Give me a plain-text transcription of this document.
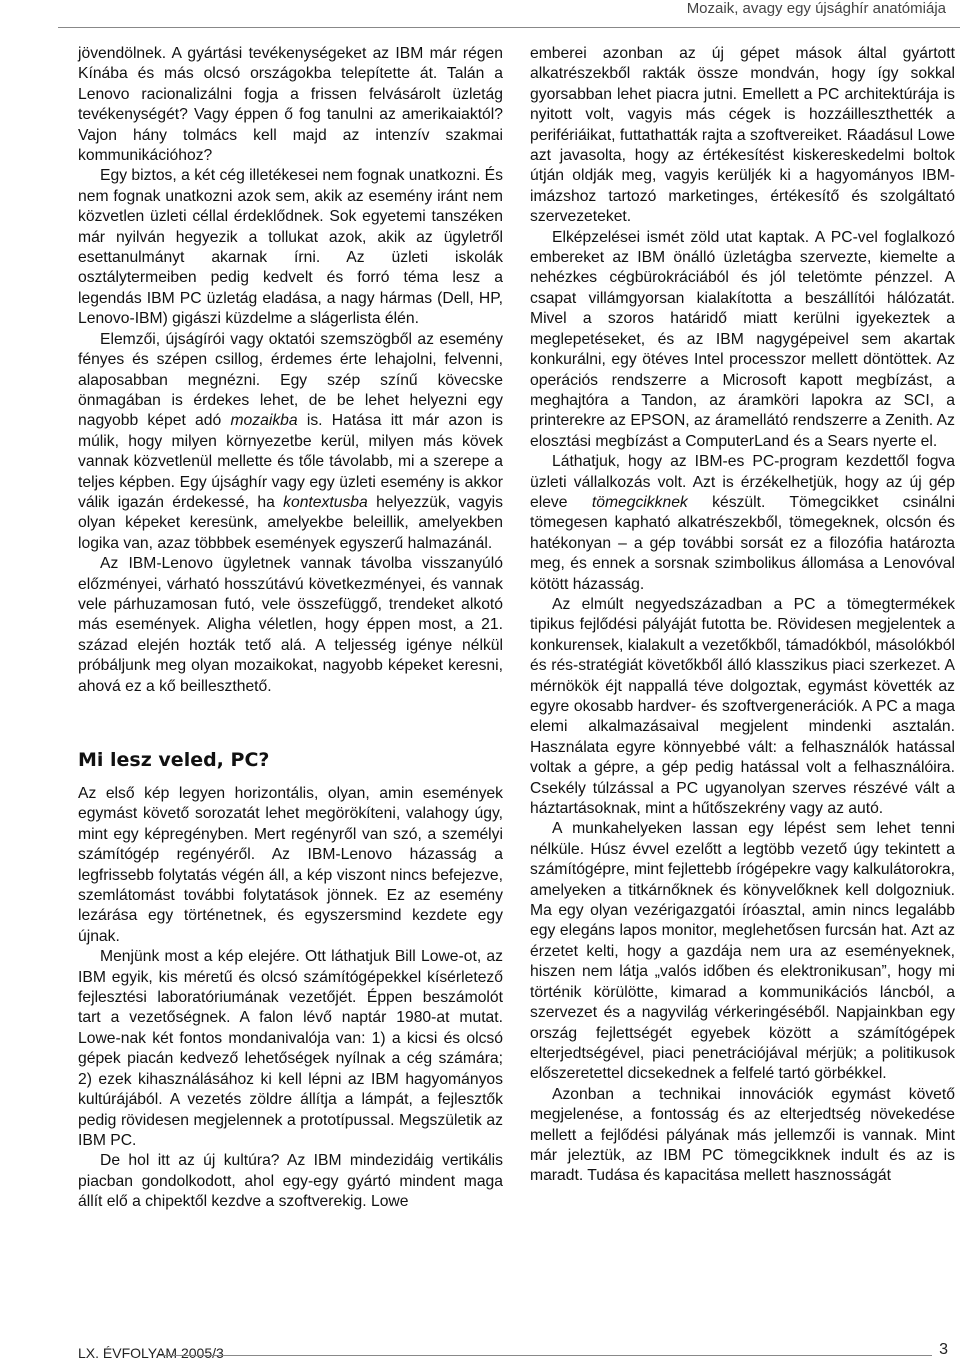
Mozaik, avagy egy újsághír anatómiája

jövendölnek. A gyártási tevékenységeket az IBM már régen Kínába és más olcsó országokba telepítette át. Talán a Lenovo racionalizálni fogja a frissen felvásárolt üzletág tevékenységét? Vagy éppen ő fog tanulni az amerikaiaktól? Vajon hány tolmács kell majd az intenzív szakmai kommunikációhoz?

Egy biztos, a két cég illetékesei nem fognak unatkozni. És nem fognak unatkozni azok sem, akik az esemény iránt nem közvetlen üzleti céllal érdeklődnek. Sok egyetemi tanszéken már nyilván hegyezik a tollukat azok, akik az ügyletről esettanulmányt akarnak írni. Az üzleti iskolák osztálytermeiben pedig kedvelt és forró téma lesz a legendás IBM PC üzletág eladása, a nagy hármas (Dell, HP, Lenovo-IBM) gigászi küzdelme a slágerlista élén.

Elemzői, újságírói vagy oktatói szemszögből az esemény fényes és szépen csillog, érdemes érte lehajolni, felvenni, alaposabban megnézni. Egy szép színű kövecske önmagában is érdekes lehet, de be lehet helyezni egy nagyobb képet adó mozaikba is. Hatása itt már azon is múlik, hogy milyen környezetbe kerül, milyen más kövek vannak közvetlenül mellette és tőle távolabb, mi a szerepe a teljes képben. Egy újsághír vagy egy üzleti esemény is akkor válik igazán érdekessé, ha kontextusba helyezzük, vagyis olyan képeket keresünk, amelyekbe beleillik, amelyekben logika van, azaz többbek események egyszerű halmazánál.

Az IBM-Lenovo ügyletnek vannak távolba visszanyúló előzményei, várható hosszútávú következményei, és vannak vele párhuzamosan futó, vele összefüggő, trendeket alkotó más események. Aligha véletlen, hogy éppen most, a 21. század elején hozták tető alá. A teljesség igénye nélkül próbáljunk meg olyan mozaikokat, nagyobb képeket keresni, ahová ez a kő beilleszthető.

Mi lesz veled, PC?

Az első kép legyen horizontális, olyan, amin események egymást követő sorozatát lehet megörökíteni, valahogy úgy, mint egy képregényben. Mert regényről van szó, a személyi számítógép regényéről. Az IBM-Lenovo házasság a legfrissebb folytatás végén áll, a kép viszont nincs befejezve, szemlátomást további folytatások jönnek. Ez az esemény lezárása egy történetnek, és egyszersmind kezdete egy újnak.

Menjünk most a kép elejére. Ott láthatjuk Bill Lowe-ot, az IBM egyik, kis méretű és olcsó számítógépekkel kísérletező fejlesztési laboratóriumának vezetőjét. Éppen beszámolót tart a vezetőségnek. A falon lévő naptár 1980-at mutat. Lowe-nak két fontos mondanivalója van: 1) a kicsi és olcsó gépek piacán kedvező lehetőségek nyílnak a cég számára; 2) ezek kihasználásához ki kell lépni az IBM hagyományos kultúrájából. A vezetés zöldre állítja a lámpát, a fejlesztők pedig rövidesen megjelennek a prototípussal. Megszületik az IBM PC.

De hol itt az új kultúra? Az IBM mindezidáig vertikális piacban gondolkodott, ahol egy-egy gyártó mindent maga állít elő a chipektől kezdve a szoftverekig. Lowe

emberei azonban az új gépet mások által gyártott alkatrészekből rakták össze mondván, hogy így sokkal gyorsabban lehet piacra jutni. Emellett a PC architektúrája is nyitott volt, vagyis más cégek is hozzáilleszthették a perifériáikat, futtathatták rajta a szoftvereiket. Ráadásul Lowe azt javasolta, hogy az értékesítést kiskereskedelmi boltok útján oldják meg, vagyis kerüljék ki a hagyományos IBM-imázshoz tartozó marketinges, értékesítő és szolgáltató szervezeteket.

Elképzelései ismét zöld utat kaptak. A PC-vel foglalkozó embereket az IBM önálló üzletágba szervezte, kiemelte a nehézkes cégbürokráciából és jól teletömte pénzzel. A csapat villámgyorsan kialakította a beszállítói hálózatát. Mivel a szoros határidő miatt kerülni igyekeztek a meglepetéseket, és az IBM nagygépeivel sem akartak konkurálni, egy ötéves Intel processzor mellett döntöttek. Az operációs rendszerre a Microsoft kapott megbízást, a meghajtóra a Tandon, az áramköri lapokra az SCI, a printerekre az EPSON, az áramellátó rendszerre a Zenith. Az elosztási megbízást a ComputerLand és a Sears nyerte el.

Láthatjuk, hogy az IBM-es PC-program kezdettől fogva üzleti vállalkozás volt. Azt is érzékelhetjük, hogy az új gép eleve tömegcikknek készült. Tömegcikket csinálni tömegesen kapható alkatrészekből, tömegeknek, olcsón és hatékonyan – a gép további sorsát ez a filozófia határozta meg, és ennek a sorsnak szimbolikus állomása a Lenovóval kötött házasság.

Az elmúlt negyedszázadban a PC a tömegtermékek tipikus fejlődési pályáját futotta be. Rövidesen megjelentek a konkurensek, kialakult a vezetőkből, támadókból, másolókból és rés-stratégiát követőkből álló klasszikus piaci szerkezet. A mérnökök éjt nappallá téve dolgoztak, egymást követték az egyre okosabb hardver- és szoftvergenerációk. A PC a maga elemi alkalmazásaival megjelent mindenki asztalán. Használata egyre könnyebbé vált: a felhasználók hatással voltak a gépre, a gép pedig hatással volt a felhasználóira. Csekély túlzással a PC ugyanolyan szerves részévé vált a háztartásoknak, mint a hűtőszekrény vagy az autó.

A munkahelyeken lassan egy lépést sem lehet tenni nélküle. Húsz évvel ezelőtt a legtöbb vezető úgy tekintett a számítógépre, mint fejlettebb írógépekre vagy kalkulátorokra, amelyeken a titkárnőknek és könyvelőknek kell dolgozniuk. Ma egy olyan vezérigazgatói íróasztal, amin nincs legalább egy elegáns lapos monitor, meglehetősen furcsán hat. Azt az érzetet kelti, hogy a gazdája nem ura az eseményeknek, hiszen nem látja „valós időben és elektronikusan”, hogy mi történik körülötte, kimarad a kommunikációs láncból, a szervezet és a nagyvilág vérkeringéséből. Napjainkban egy ország fejlettségét egyebek között a számítógépek elterjedtségével, piaci penetrációjával mérjük; a politikusok előszeretettel dicsekednek a felfelé tartó görbékkel.

Azonban a technikai innovációk egymást követő megjelenése, a fontosság és az elterjedtség növekedése mellett a fejlődési pályának más jellemzői is vannak. Mint már jeleztük, az IBM PC tömegcikknek indult és az is maradt. Tudása és kapacitása mellett hasznosságát

LX. ÉVFOLYAM 2005/3	3
